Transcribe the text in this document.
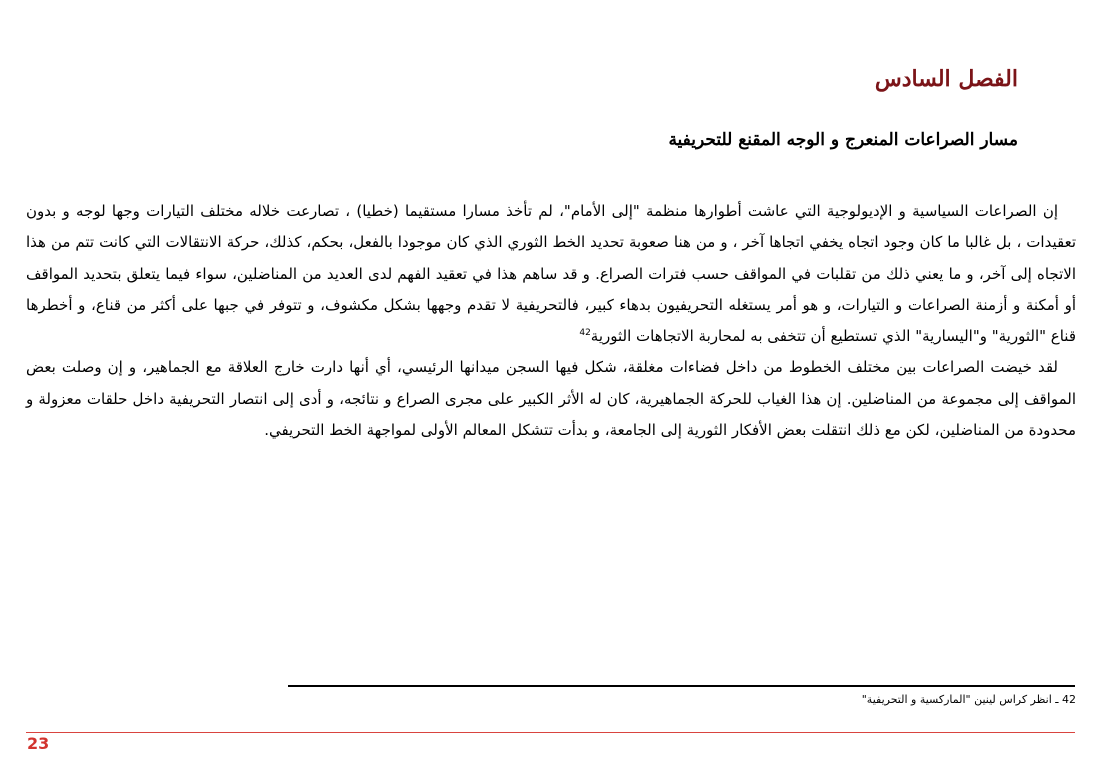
الفصل السادس
مسار الصراعات المنعرج و الوجه المقنع للتحريفية

إن الصراعات السياسية و الإديولوجية التي عاشت أطوارها منظمة "إلى الأمام"، لم تأخذ مسارا مستقيما (خطيا) ، تصارعت خلاله مختلف التيارات وجها لوجه و بدون تعقيدات ، بل غالبا ما كان وجود اتجاه يخفي اتجاها آخر ، و من هنا صعوبة تحديد الخط الثوري الذي كان موجودا بالفعل، بحكم، كذلك، حركة الانتقالات التي كانت تتم من هذا الاتجاه إلى آخر، و ما يعني ذلك من تقلبات في المواقف حسب فترات الصراع. و قد ساهم هذا في تعقيد الفهم لدى العديد من المناضلين، سواء فيما يتعلق بتحديد المواقف أو أمكنة و أزمنة الصراعات و التيارات، و هو أمر يستغله التحريفيون بدهاء كبير، فالتحريفية لا تقدم وجهها بشكل مكشوف، و تتوفر في جبها على أكثر من قناع، و أخطرها قناع "الثورية" و"اليسارية" الذي تستطيع أن تتخفى به لمحاربة الاتجاهات الثورية$^{42}$

لقد خيضت الصراعات بين مختلف الخطوط من داخل فضاءات مغلقة، شكل فيها السجن ميدانها الرئيسي، أي أنها دارت خارج العلاقة مع الجماهير، و إن وصلت بعض المواقف إلى مجموعة من المناضلين. إن هذا الغياب للحركة الجماهيرية، كان له الأثر الكبير على مجرى الصراع و نتائجه، و أدى إلى انتصار التحريفية داخل حلقات معزولة و محدودة من المناضلين، لكن مع ذلك انتقلت بعض الأفكار الثورية إلى الجامعة، و بدأت تتشكل المعالم الأولى لمواجهة الخط التحريفي.

42 ـ انظر كراس لينين "الماركسية و التحريفية"
23
